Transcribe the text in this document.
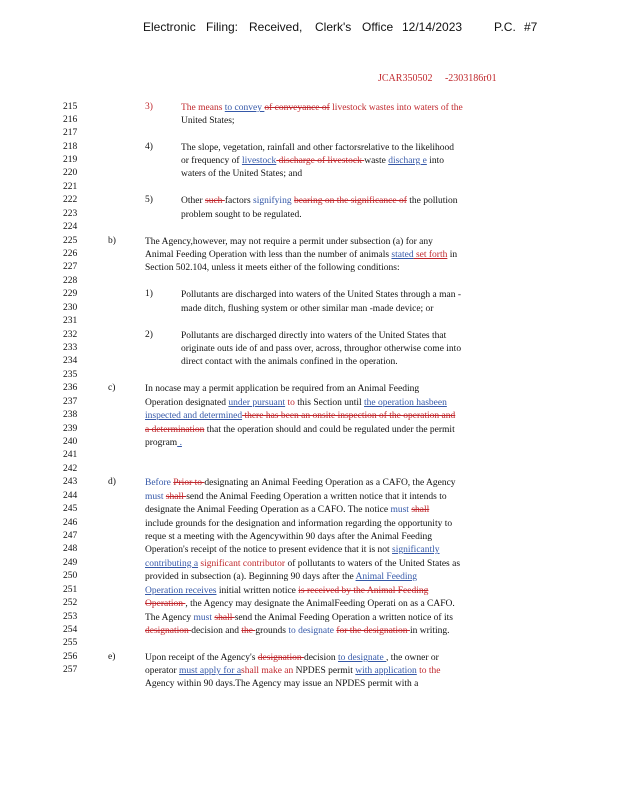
Electronic Filing: Received, Clerk's Office 12/14/2023	P.C. #7
JCAR350502 -2303186r01
215
216
217
218
219
220
221
222
223
224
225
226
227
228
229
230
231
232
233
234
235
236
237
238
239
240
241
242
243
244
245
246
247
248
249
250
251
252
253
254
255
256
257
3)	The means to convey of conveyance of livestock wastes into waters of the
United States;
4)	The slope, vegetation, rainfall and other factorsrelative to the likelihood
or frequency of livestock discharge of livestock waste discharg e into
waters of the United States; and
5)	Other such factors signifying bearing on the significance of the pollution
problem sought to be regulated.
b)	The Agency,however, may not require a permit under subsection (a) for any
Animal Feeding Operation with less than the number of animals stated set forth in
Section 502.104, unless it meets either of the following conditions:
1)	Pollutants are discharged into waters of the United States through a man -
made ditch, flushing system or other similar man -made device; or
2)	Pollutants are discharged directly into waters of the United States that
originate outs ide of and pass over, across, throughor otherwise come into
direct contact with the animals confined in the operation.
c)	In nocase may a permit application be required from an Animal Feeding
Operation designated under pursuant to this Section until the operation hasbeen
inspected and determined there has been an onsite inspection of the operation and
a determination that the operation should and could be regulated under the permit
program .
d)	Before Prior to designating an Animal Feeding Operation as a CAFO, the Agency
must shall send the Animal Feeding Operation a written notice that it intends to
designate the Animal Feeding Operation as a CAFO. The notice must shall
include grounds for the designation and information regarding the opportunity to
reque st a meeting with the Agencywithin 90 days after the Animal Feeding
Operation's receipt of the notice to present evidence that it is not significantly
contributing a significant contributor of pollutants to waters of the United States as
provided in subsection (a). Beginning 90 days after the Animal Feeding
Operation receives initial written notice is received by the Animal Feeding
Operation , the Agency may designate the AnimalFeeding Operati on as a CAFO.
The Agency must shall send the Animal Feeding Operation a written notice of its
designation decision and the grounds to designate for the designation in writing.
e)	Upon receipt of the Agency's designation decision to designate , the owner or
operator must apply for ashall make an NPDES permit with application to the
Agency within 90 days.The Agency may issue an NPDES permit with a
